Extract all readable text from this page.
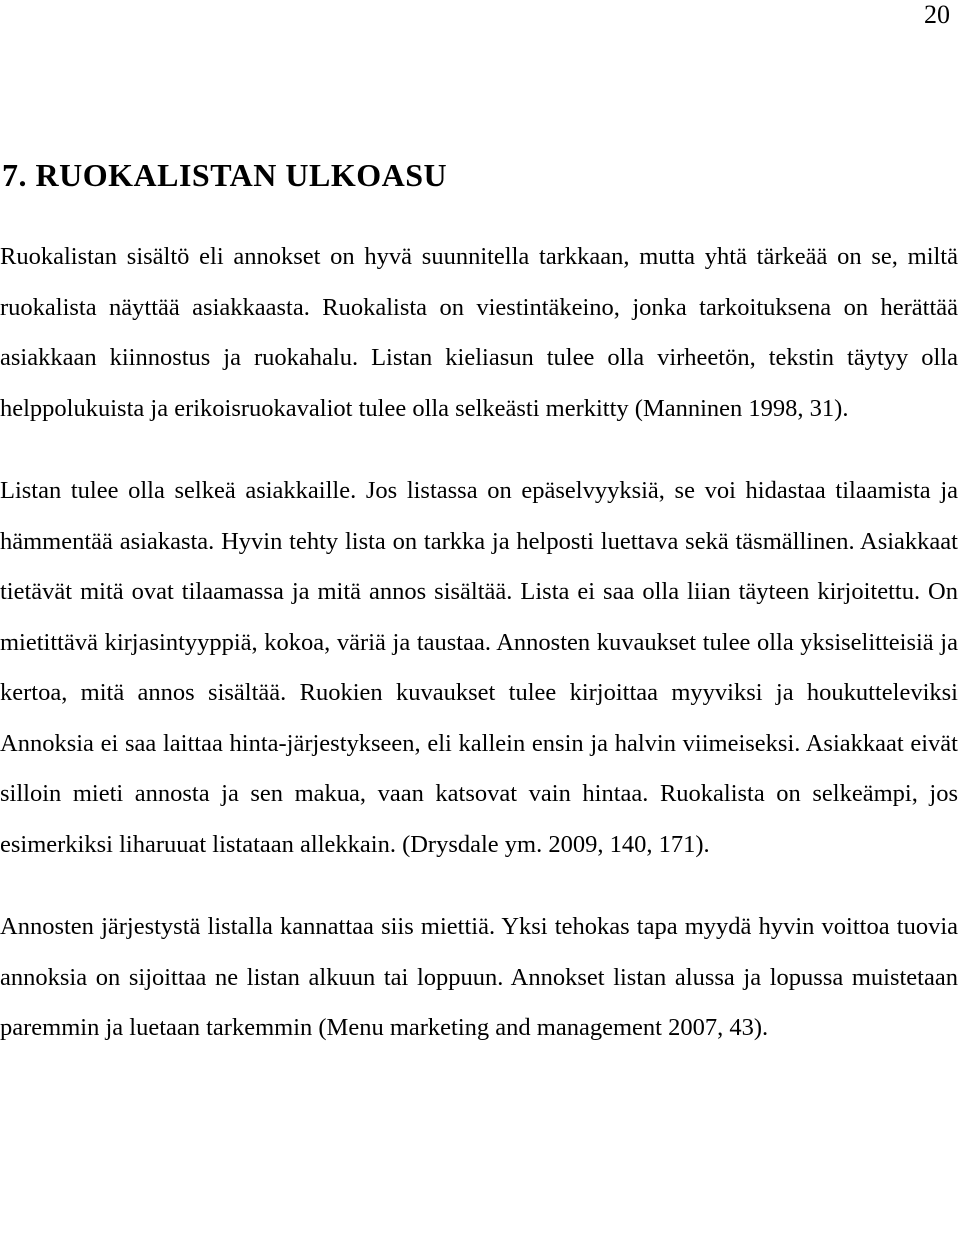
20
7. RUOKALISTAN ULKOASU

Ruokalistan sisältö eli annokset on hyvä suunnitella tarkkaan, mutta yhtä tärkeää on se, miltä ruokalista näyttää asiakkaasta. Ruokalista on viestintäkeino, jonka tarkoituksena on herättää asiakkaan kiinnostus ja ruokahalu. Listan kieliasun tulee olla virheetön, tekstin täytyy olla helppolukuista ja erikoisruokavaliot tulee olla selkeästi merkitty (Manninen 1998, 31).

Listan tulee olla selkeä asiakkaille. Jos listassa on epäselvyyksiä, se voi hidastaa tilaamista ja hämmentää asiakasta. Hyvin tehty lista on tarkka ja helposti luettava sekä täsmällinen. Asiakkaat tietävät mitä ovat tilaamassa ja mitä annos sisältää. Lista ei saa olla liian täyteen kirjoitettu. On mietittävä kirjasintyyppiä, kokoa, väriä ja taustaa. Annosten kuvaukset tulee olla yksiselitteisiä ja kertoa, mitä annos sisältää. Ruokien kuvaukset tulee kirjoittaa myyviksi ja houkutteleviksi Annoksia ei saa laittaa hinta-järjestykseen, eli kallein ensin ja halvin viimeiseksi. Asiakkaat eivät silloin mieti annosta ja sen makua, vaan katsovat vain hintaa. Ruokalista on selkeämpi, jos esimerkiksi liharuuat listataan allekkain. (Drysdale ym. 2009, 140, 171).

Annosten järjestystä listalla kannattaa siis miettiä. Yksi tehokas tapa myydä hyvin voittoa tuovia annoksia on sijoittaa ne listan alkuun tai loppuun. Annokset listan alussa ja lopussa muistetaan paremmin ja luetaan tarkemmin (Menu marketing and management 2007, 43).
